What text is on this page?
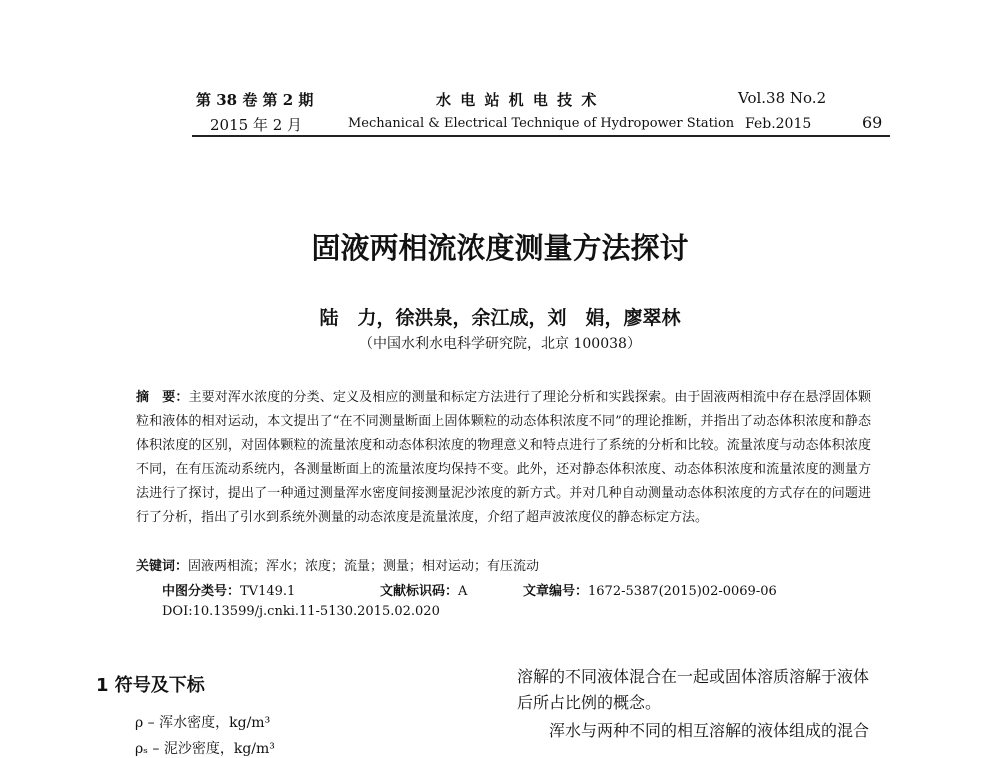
第 38 卷 第 2 期	水 电 站 机 电 技 术	Vol.38 No.2
2015 年 2 月	Mechanical & Electrical Technique of Hydropower Station Feb.2015	69
固液两相流浓度测量方法探讨
陆　力，徐洪泉，余江成，刘　娟，廖翠林
（中国水利水电科学研究院，北京 100038）

摘　要：主要对浑水浓度的分类、定义及相应的测量和标定方法进行了理论分析和实践探索。由于固液两相流中存在悬浮固体颗粒和液体的相对运动，本文提出了“在不同测量断面上固体颗粒的动态体积浓度不同”的理论推断，并指出了动态体积浓度和静态体积浓度的区别，对固体颗粒的流量浓度和动态体积浓度的物理意义和特点进行了系统的分析和比较。流量浓度与动态体积浓度不同，在有压流动系统内，各测量断面上的流量浓度均保持不变。此外，还对静态体积浓度、动态体积浓度和流量浓度的测量方法进行了探讨，提出了一种通过测量浑水密度间接测量泥沙浓度的新方式。并对几种自动测量动态体积浓度的方式存在的问题进行了分析，指出了引水到系统外测量的动态浓度是流量浓度，介绍了超声波浓度仪的静态标定方法。

关键词：固液两相流；浑水；浓度；流量；测量；相对运动；有压流动
中图分类号：TV149.1	文献标识码：A	文章编号：1672-5387(2015)02-0069-06
DOI:10.13599/j.cnki.11-5130.2015.02.020
1 符号及下标
ρ – 浑水密度，kg/m³
ρₛ – 泥沙密度，kg/m³
溶解的不同液体混合在一起或固体溶质溶解于液体
后所占比例的概念。
　　浑水与两种不同的相互溶解的液体组成的混合
